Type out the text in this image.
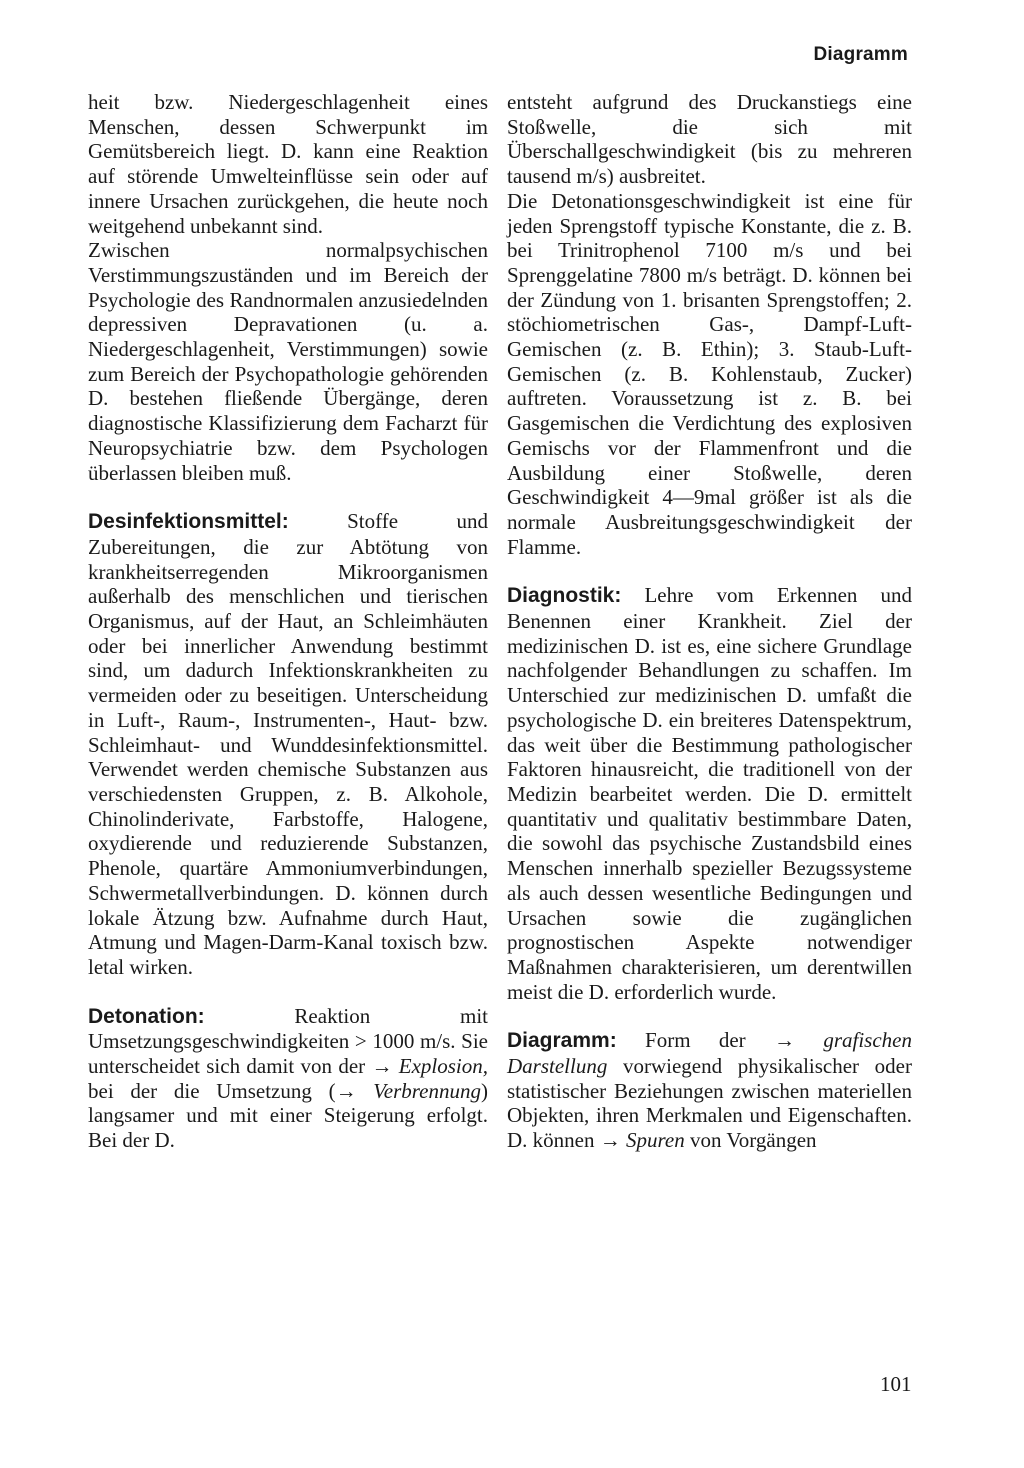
Diagramm

heit bzw. Niedergeschlagenheit eines Menschen, dessen Schwerpunkt im Gemütsbereich liegt. D. kann eine Reaktion auf störende Umwelteinflüsse sein oder auf innere Ursachen zurückgehen, die heute noch weitgehend unbekannt sind.

Zwischen normalpsychischen Verstimmungszuständen und im Bereich der Psychologie des Randnormalen anzusiedelnden depressiven Depravationen (u. a. Niedergeschlagenheit, Verstimmungen) sowie zum Bereich der Psychopathologie gehörenden D. bestehen fließende Übergänge, deren diagnostische Klassifizierung dem Facharzt für Neuropsychiatrie bzw. dem Psychologen überlassen bleiben muß.

Desinfektionsmittel: Stoffe und Zubereitungen, die zur Abtötung von krankheitserregenden Mikroorganismen außerhalb des menschlichen und tierischen Organismus, auf der Haut, an Schleimhäuten oder bei innerlicher Anwendung bestimmt sind, um dadurch Infektionskrankheiten zu vermeiden oder zu beseitigen. Unterscheidung in Luft-, Raum-, Instrumenten-, Haut- bzw. Schleimhaut- und Wunddesinfektionsmittel. Verwendet werden chemische Substanzen aus verschiedensten Gruppen, z. B. Alkohole, Chinolinderivate, Farbstoffe, Halogene, oxydierende und reduzierende Substanzen, Phenole, quartäre Ammoniumverbindungen, Schwermetallverbindungen. D. können durch lokale Ätzung bzw. Aufnahme durch Haut, Atmung und Magen-Darm-Kanal toxisch bzw. letal wirken.

Detonation: Reaktion mit Umsetzungsgeschwindigkeiten > 1000 m/s. Sie unterscheidet sich damit von der → Explosion, bei der die Umsetzung (→ Verbrennung) langsamer und mit einer Steigerung erfolgt. Bei der D.

entsteht aufgrund des Druckanstiegs eine Stoßwelle, die sich mit Überschallgeschwindigkeit (bis zu mehreren tausend m/s) ausbreitet.

Die Detonationsgeschwindigkeit ist eine für jeden Sprengstoff typische Konstante, die z. B. bei Trinitrophenol 7100 m/s und bei Sprenggelatine 7800 m/s beträgt. D. können bei der Zündung von 1. brisanten Sprengstoffen; 2. stöchiometrischen Gas-, Dampf-Luft-Gemischen (z. B. Ethin); 3. Staub-Luft-Gemischen (z. B. Kohlenstaub, Zucker) auftreten. Voraussetzung ist z. B. bei Gasgemischen die Verdichtung des explosiven Gemischs vor der Flammenfront und die Ausbildung einer Stoßwelle, deren Geschwindigkeit 4—9mal größer ist als die normale Ausbreitungsgeschwindigkeit der Flamme.

Diagnostik: Lehre vom Erkennen und Benennen einer Krankheit. Ziel der medizinischen D. ist es, eine sichere Grundlage nachfolgender Behandlungen zu schaffen. Im Unterschied zur medizinischen D. umfaßt die psychologische D. ein breiteres Datenspektrum, das weit über die Bestimmung pathologischer Faktoren hinausreicht, die traditionell von der Medizin bearbeitet werden. Die D. ermittelt quantitativ und qualitativ bestimmbare Daten, die sowohl das psychische Zustandsbild eines Menschen innerhalb spezieller Bezugssysteme als auch dessen wesentliche Bedingungen und Ursachen sowie die zugänglichen prognostischen Aspekte notwendiger Maßnahmen charakterisieren, um derentwillen meist die D. erforderlich wurde.

Diagramm: Form der → grafischen Darstellung vorwiegend physikalischer oder statistischer Beziehungen zwischen materiellen Objekten, ihren Merkmalen und Eigenschaften. D. können → Spuren von Vorgängen

101
